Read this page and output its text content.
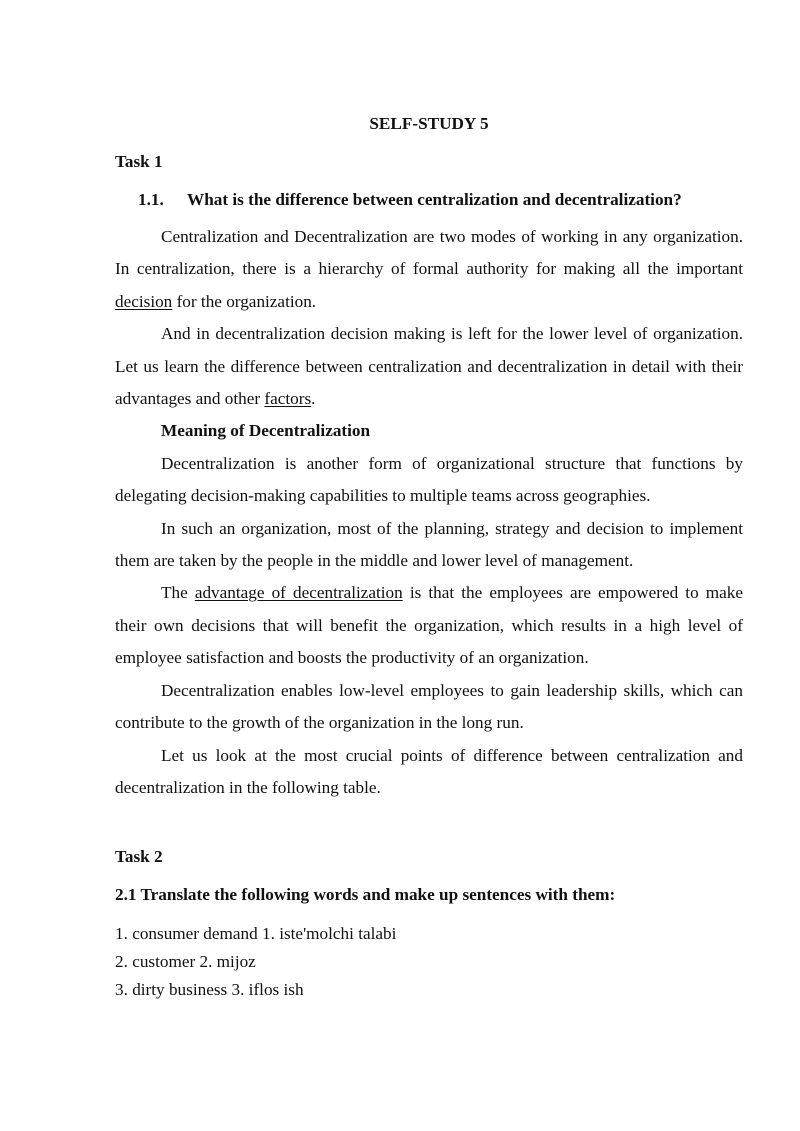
SELF-STUDY 5

Task 1

1.1.	What is the difference between centralization and decentralization?

Centralization and Decentralization are two modes of working in any organization. In centralization, there is a hierarchy of formal authority for making all the important decision for the organization.

And in decentralization decision making is left for the lower level of organization. Let us learn the difference between centralization and decentralization in detail with their advantages and other factors.

Meaning of Decentralization

Decentralization is another form of organizational structure that functions by delegating decision-making capabilities to multiple teams across geographies.

In such an organization, most of the planning, strategy and decision to implement them are taken by the people in the middle and lower level of management.

The advantage of decentralization is that the employees are empowered to make their own decisions that will benefit the organization, which results in a high level of employee satisfaction and boosts the productivity of an organization.

Decentralization enables low-level employees to gain leadership skills, which can contribute to the growth of the organization in the long run.

Let us look at the most crucial points of difference between centralization and decentralization in the following table.

Task 2

2.1 Translate the following words and make up sentences with them:

1. consumer demand 1. iste'molchi talabi

2. customer 2. mijoz

3. dirty business 3. iflos ish
